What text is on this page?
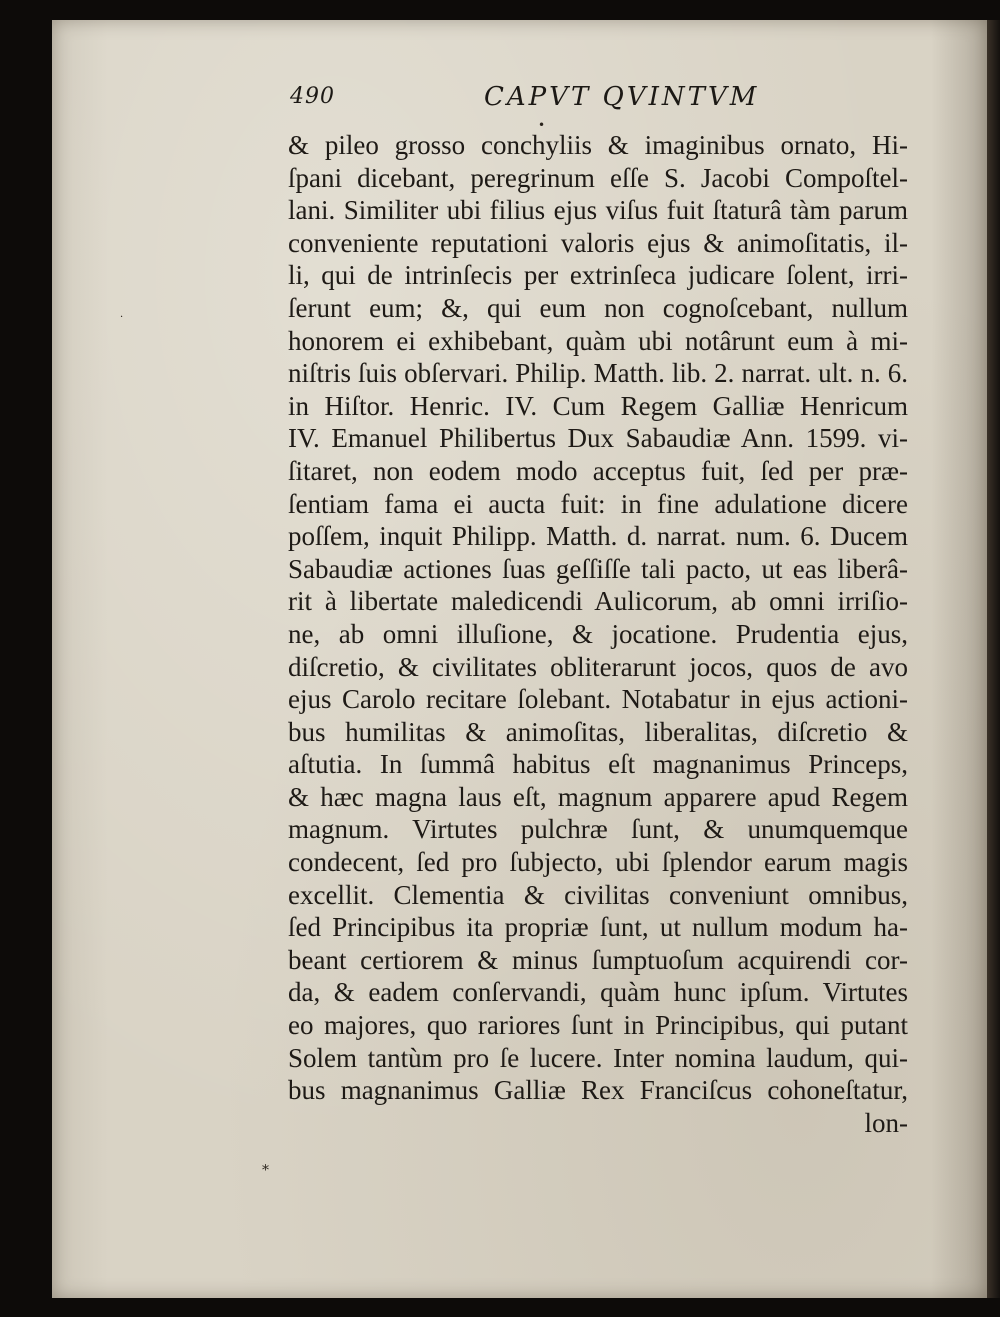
490	CAPVT QVINTVM
& pileo grosso conchyliis & imaginibus ornato, Hi-
ſpani dicebant, peregrinum eſſe S. Jacobi Compoſtel-
lani. Similiter ubi filius ejus viſus fuit ſtaturâ tàm parum
conveniente reputationi valoris ejus & animoſitatis, il-
li, qui de intrinſecis per extrinſeca judicare ſolent, irri-
ſerunt eum; &, qui eum non cognoſcebant, nullum
honorem ei exhibebant, quàm ubi notârunt eum à mi-
niſtris ſuis obſervari. Philip. Matth. lib. 2. narrat. ult. n. 6.
in Hiſtor. Henric. IV. Cum Regem Galliæ Henricum
IV. Emanuel Philibertus Dux Sabaudiæ Ann. 1599. vi-
ſitaret, non eodem modo acceptus fuit, ſed per præ-
ſentiam fama ei aucta fuit: in fine adulatione dicere
poſſem, inquit Philipp. Matth. d. narrat. num. 6. Ducem
Sabaudiæ actiones ſuas geſſiſſe tali pacto, ut eas liberâ-
rit à libertate maledicendi Aulicorum, ab omni irriſio-
ne, ab omni illuſione, & jocatione. Prudentia ejus,
diſcretio, & civilitates obliterarunt jocos, quos de avo
ejus Carolo recitare ſolebant. Notabatur in ejus actioni-
bus humilitas & animoſitas, liberalitas, diſcretio &
aſtutia. In ſummâ habitus eſt magnanimus Princeps,
& hæc magna laus eſt, magnum apparere apud Regem
magnum. Virtutes pulchræ ſunt, & unumquemque
condecent, ſed pro ſubjecto, ubi ſplendor earum magis
excellit. Clementia & civilitas conveniunt omnibus,
ſed Principibus ita propriæ ſunt, ut nullum modum ha-
beant certiorem & minus ſumptuoſum acquirendi cor-
da, & eadem conſervandi, quàm hunc ipſum. Virtutes
eo majores, quo rariores ſunt in Principibus, qui putant
Solem tantùm pro ſe lucere. Inter nomina laudum, qui-
bus magnanimus Galliæ Rex Franciſcus cohoneſtatur,
lon-
⁎
·
•
